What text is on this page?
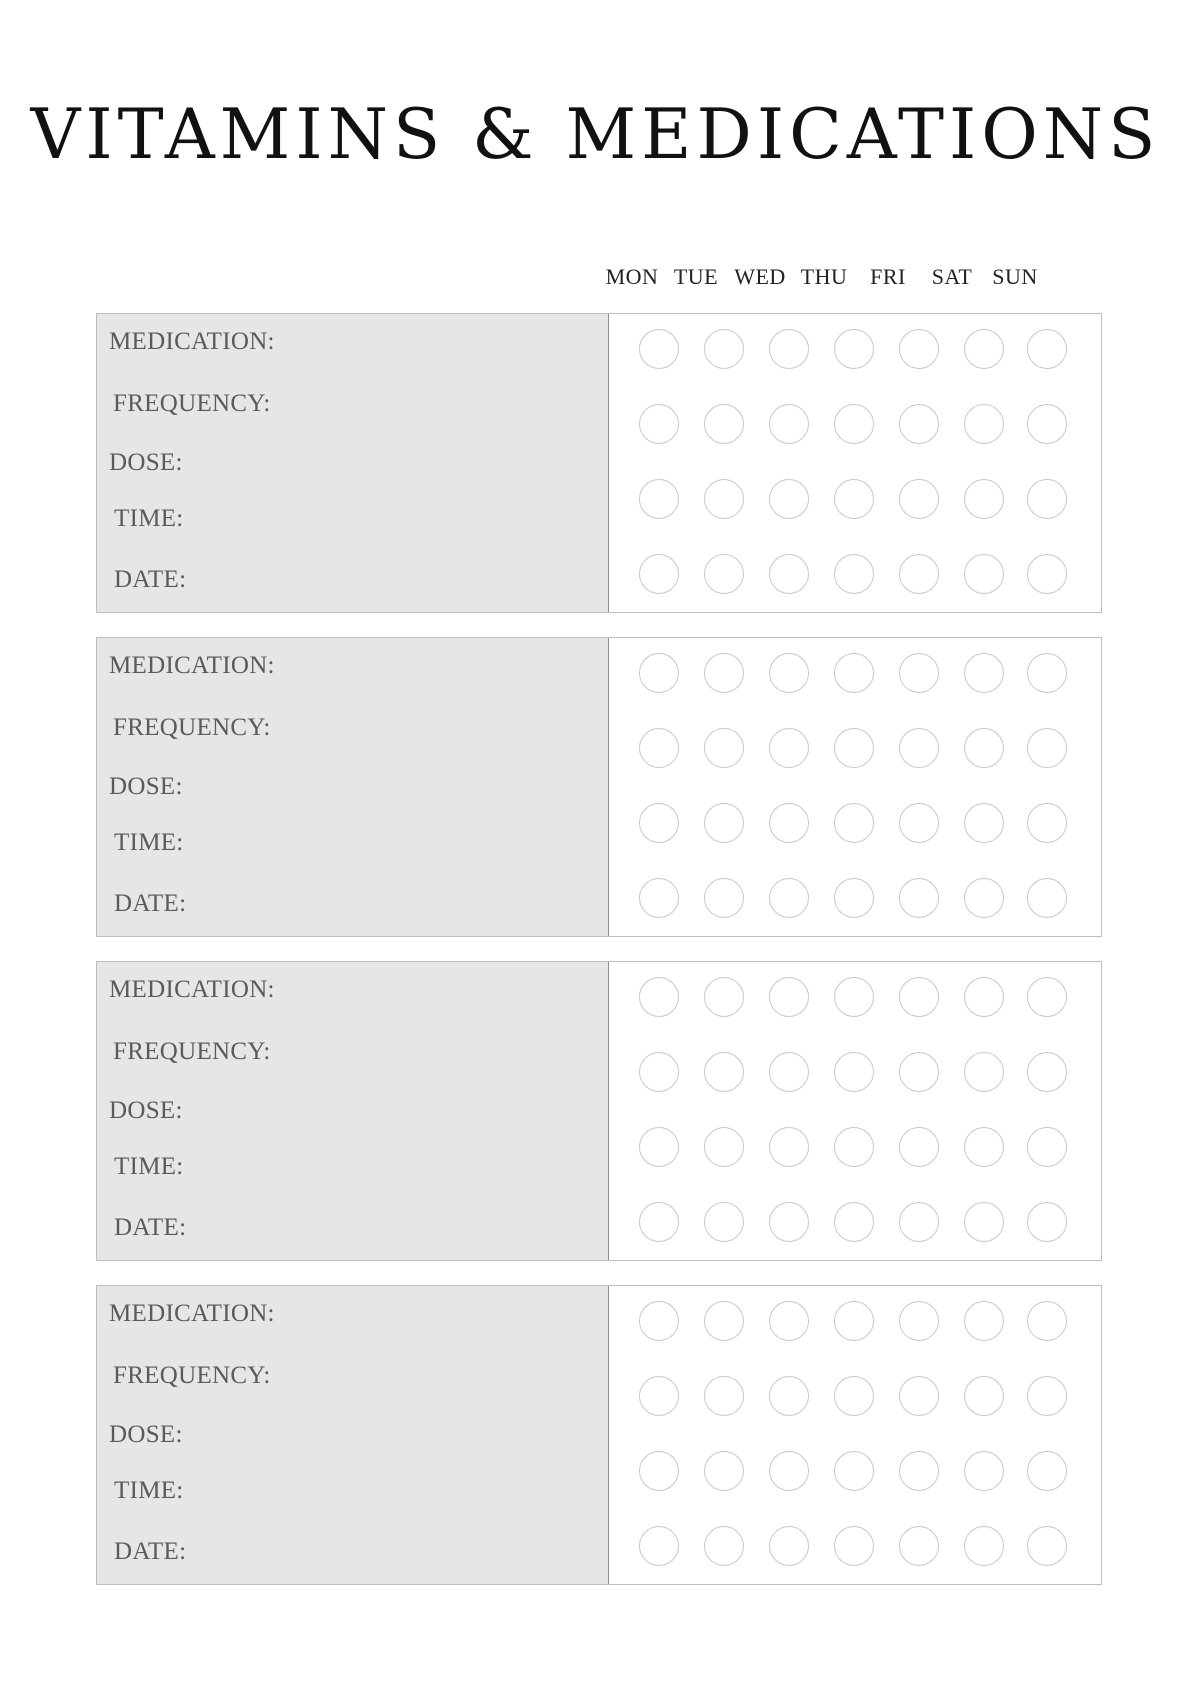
VITAMINS & MEDICATIONS
MON TUE WED THU	FRI	SAT SUN
MEDICATION:
FREQUENCY:
DOSE:
TIME:
DATE:
MEDICATION:
FREQUENCY:
DOSE:
TIME:
DATE:
MEDICATION:
FREQUENCY:
DOSE:
TIME:
DATE:
MEDICATION:
FREQUENCY:
DOSE:
TIME:
DATE:
